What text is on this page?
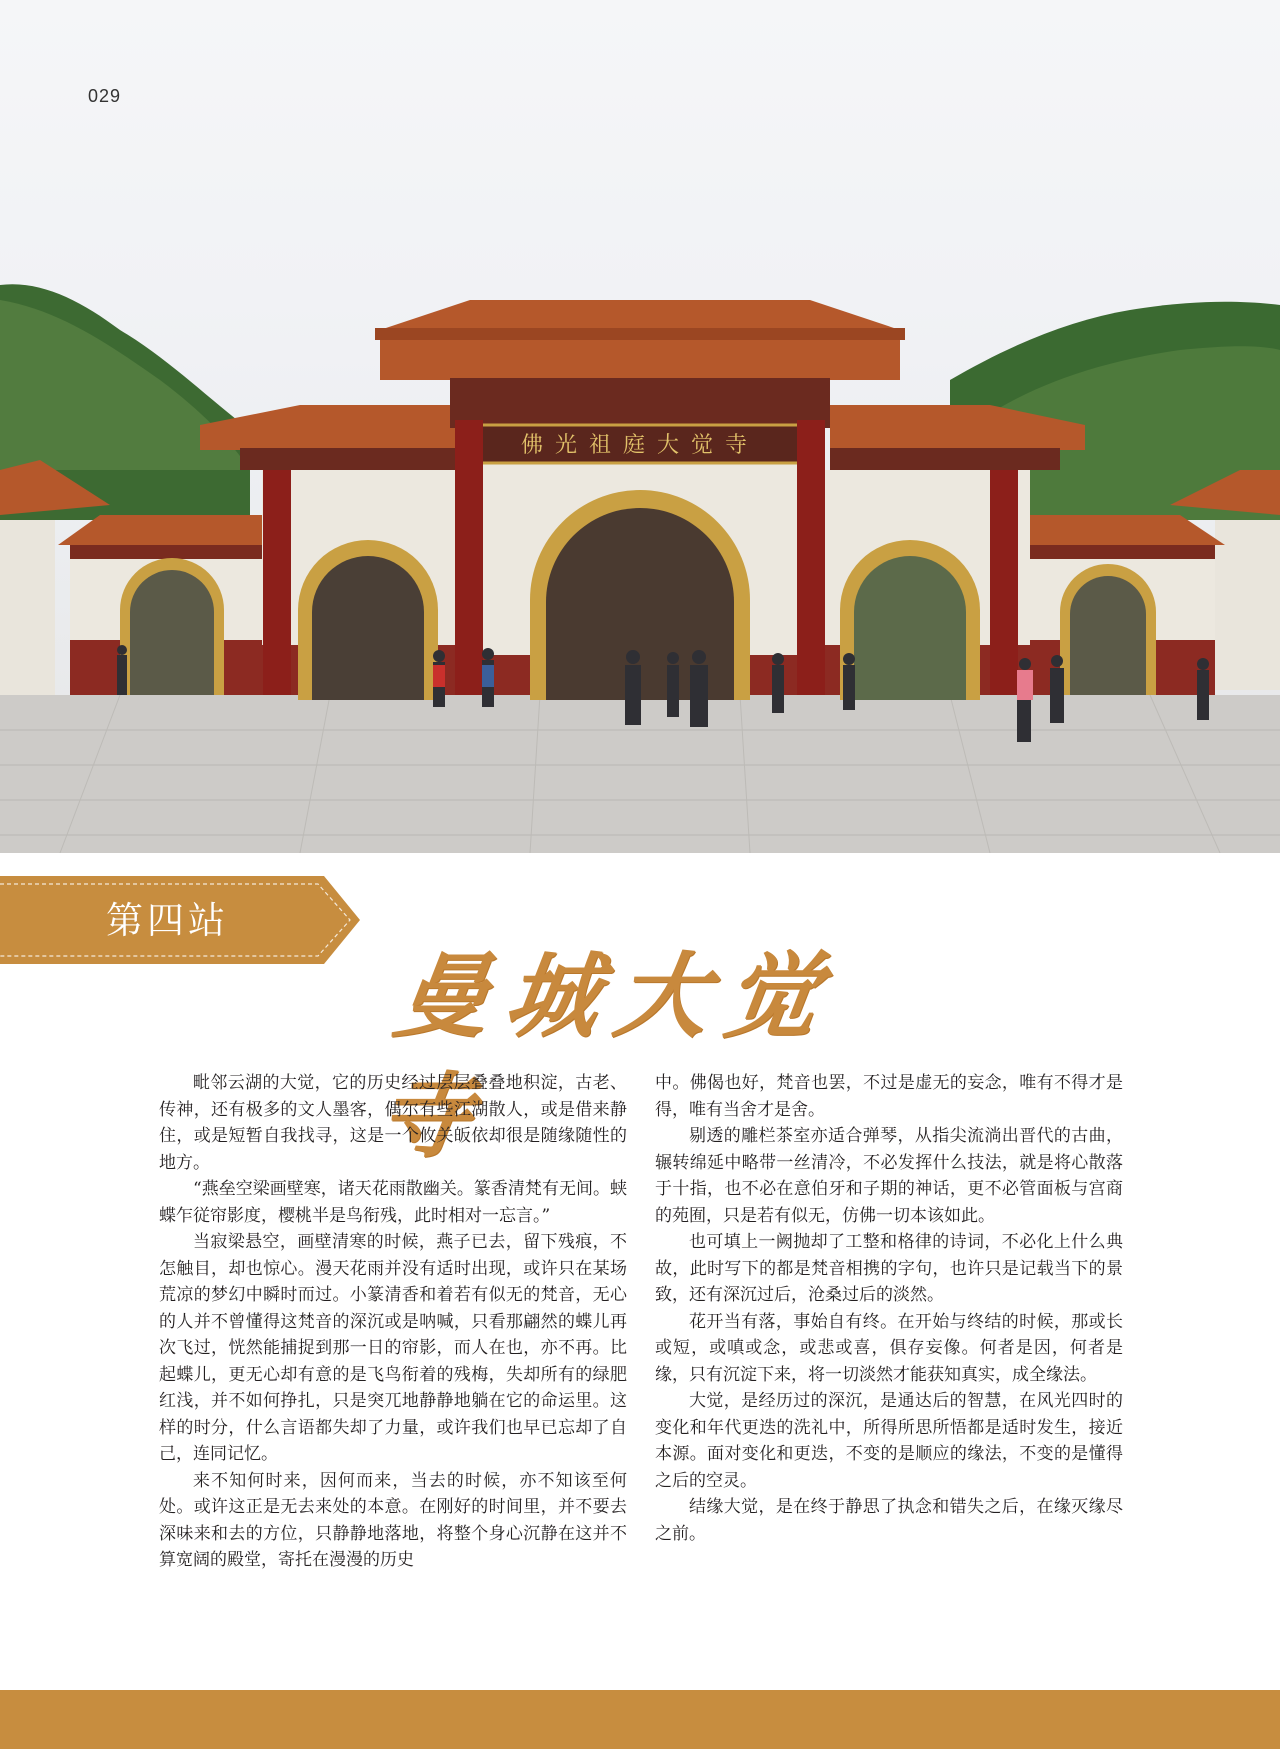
佛光祖庭大觉寺
029
第四站
曼城大觉寺

毗邻云湖的大觉，它的历史经过层层叠叠地积淀，古老、传神，还有极多的文人墨客，偶尔有些江湖散人，或是借来静住，或是短暂自我找寻，这是一个攸关皈依却很是随缘随性的地方。

“燕垒空梁画壁寒，诸天花雨散幽关。篆香清梵有无间。蛱蝶乍従帘影度，樱桃半是鸟衔残，此时相对一忘言。”

当寂梁悬空，画壁清寒的时候，燕子已去，留下残痕，不怎触目，却也惊心。漫天花雨并没有适时出现，或许只在某场荒凉的梦幻中瞬时而过。小篆清香和着若有似无的梵音，无心的人并不曾懂得这梵音的深沉或是呐喊，只看那翩然的蝶儿再次飞过，恍然能捕捉到那一日的帘影，而人在也，亦不再。比起蝶儿，更无心却有意的是飞鸟衔着的残梅，失却所有的绿肥红浅，并不如何挣扎，只是突兀地静静地躺在它的命运里。这样的时分，什么言语都失却了力量，或许我们也早已忘却了自己，连同记忆。

来不知何时来，因何而来，当去的时候，亦不知该至何处。或许这正是无去来处的本意。在刚好的时间里，并不要去深味来和去的方位，只静静地落地，将整个身心沉静在这并不算宽阔的殿堂，寄托在漫漫的历史

中。佛偈也好，梵音也罢，不过是虚无的妄念，唯有不得才是得，唯有当舍才是舍。

剔透的雕栏茶室亦适合弹琴，从指尖流淌出晋代的古曲，辗转绵延中略带一丝清冷，不必发挥什么技法，就是将心散落于十指，也不必在意伯牙和子期的神话，更不必管面板与宫商的苑囿，只是若有似无，仿佛一切本该如此。

也可填上一阙抛却了工整和格律的诗词，不必化上什么典故，此时写下的都是梵音相携的字句，也许只是记载当下的景致，还有深沉过后，沧桑过后的淡然。

花开当有落，事始自有终。在开始与终结的时候，那或长或短，或嗔或念，或悲或喜，俱存妄像。何者是因，何者是缘，只有沉淀下来，将一切淡然才能获知真实，成全缘法。

大觉，是经历过的深沉，是通达后的智慧，在风光四时的变化和年代更迭的洗礼中，所得所思所悟都是适时发生，接近本源。面对变化和更迭，不变的是顺应的缘法，不变的是懂得之后的空灵。

结缘大觉，是在终于静思了执念和错失之后，在缘灭缘尽之前。
